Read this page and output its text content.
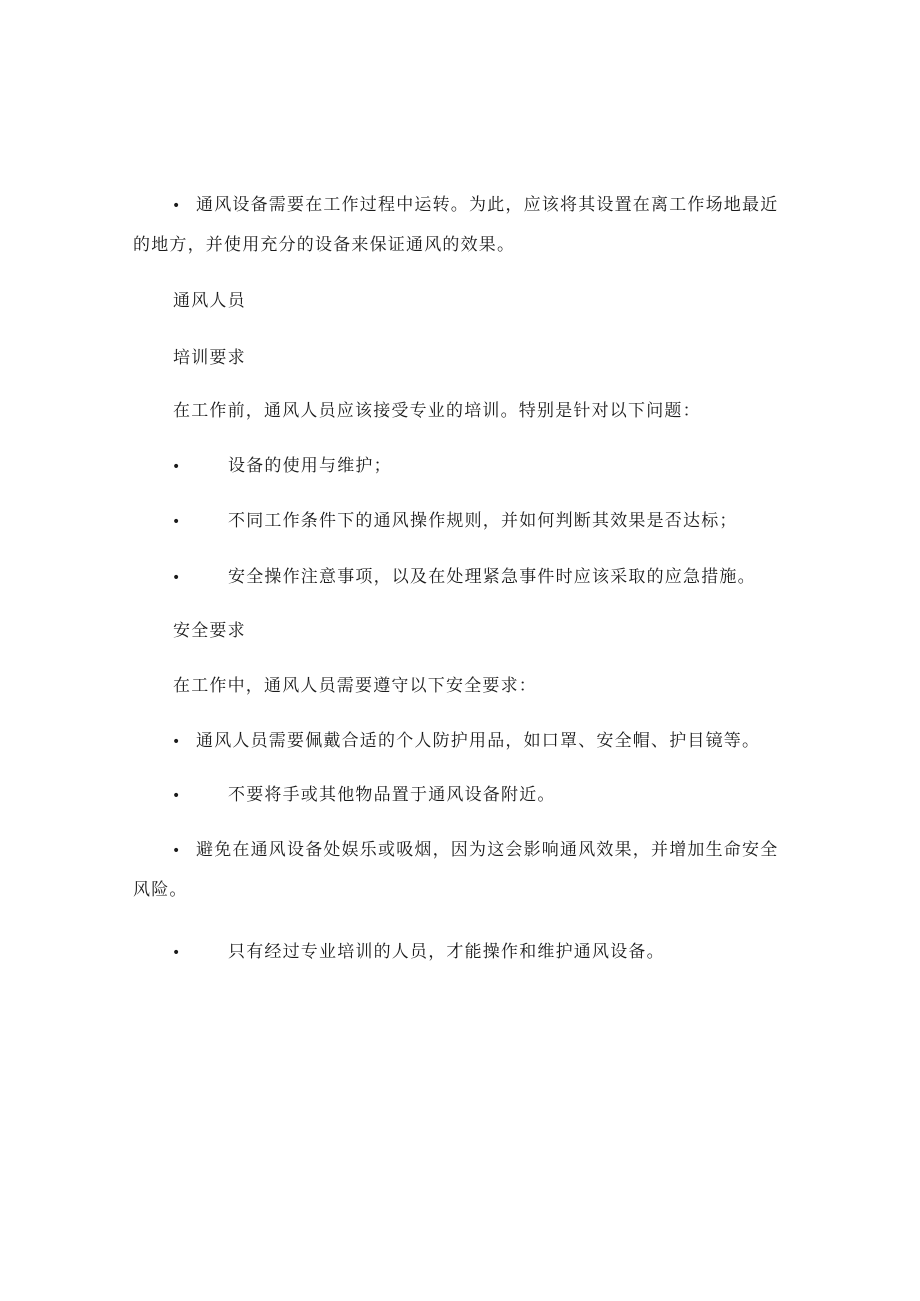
• 通风设备需要在工作过程中运转。为此，应该将其设置在离工作场地最近
的地方，并使用充分的设备来保证通风的效果。
通风人员
培训要求
在工作前，通风人员应该接受专业的培训。特别是针对以下问题：
•	设备的使用与维护；
•	不同工作条件下的通风操作规则，并如何判断其效果是否达标；
•	安全操作注意事项，以及在处理紧急事件时应该采取的应急措施。
安全要求
在工作中，通风人员需要遵守以下安全要求：
• 通风人员需要佩戴合适的个人防护用品，如口罩、安全帽、护目镜等。
•	不要将手或其他物品置于通风设备附近。
• 避免在通风设备处娱乐或吸烟，因为这会影响通风效果，并增加生命安全
风险。
•	只有经过专业培训的人员，才能操作和维护通风设备。
